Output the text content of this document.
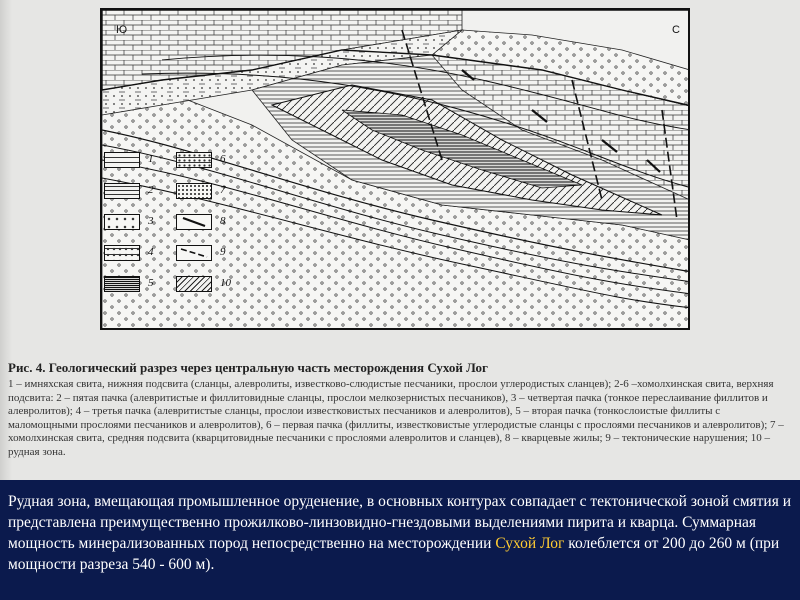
Ю	С
1
2
3
4
5
6
7
8
9
10
Рис. 4. Геологический разрез через центральную часть месторождения Сухой Лог

1 – имняхская свита, нижняя подсвита (сланцы, алевролиты, известково-слюдистые песчаники, прослои углеродистых сланцев); 2-6 –хомолхинская свита, верхняя подсвита: 2 – пятая пачка (алевритистые и филлитовидные сланцы, прослои мелкозернистых песчаников), 3 – четвертая пачка (тонкое переслаивание филлитов и алевролитов); 4 – третья пачка (алевритистые сланцы, прослои известковистых песчаников и алевролитов), 5 – вторая пачка (тонкослоистые филлиты с маломощными прослоями песчаников и алевролитов), 6 – первая пачка (филлиты, известковистые углеродистые сланцы с прослоями песчаников и алевролитов); 7 – хомолхинская свита, средняя подсвита (кварцитовидные песчаники с прослоями алевролитов и сланцев), 8 – кварцевые жилы; 9 – тектонические нарушения; 10 – рудная зона.

Рудная зона, вмещающая промышленное оруденение, в основных контурах совпадает с тектонической зоной смятия и представлена преимущественно прожилково-линзовидно-гнездовыми выделениями пирита и кварца. Суммарная мощность минерализованных пород непосредственно на месторождении Сухой Лог колеблется от 200 до 260 м (при мощности разреза 540 - 600 м).
